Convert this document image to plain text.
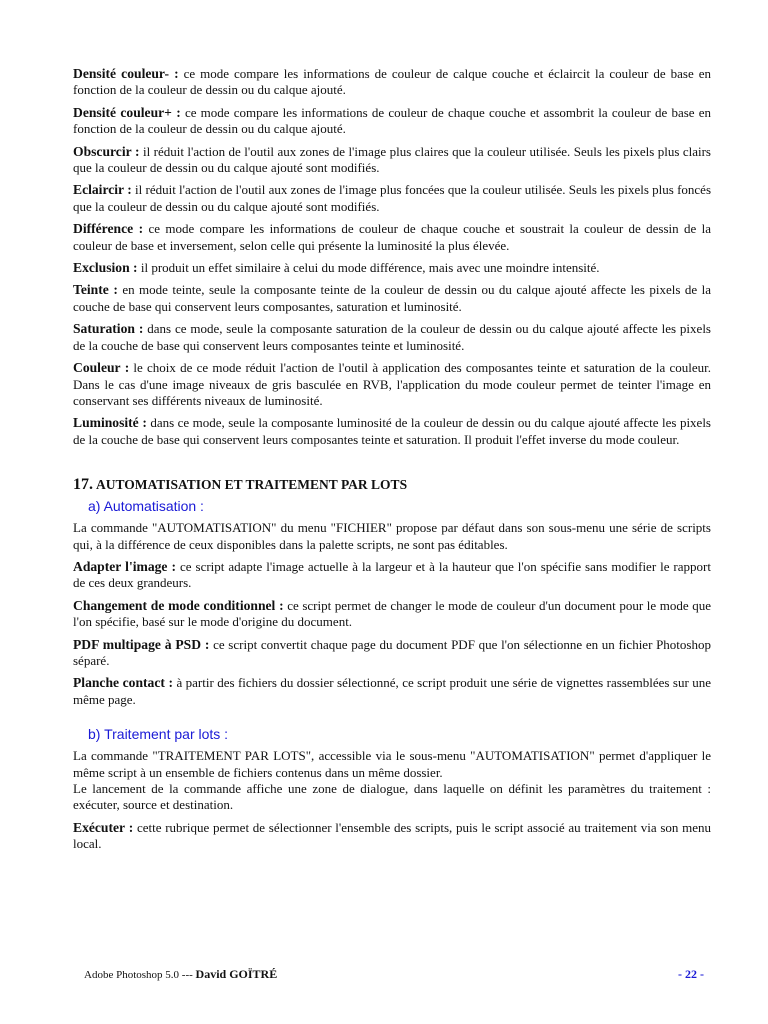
Densité couleur- : ce mode compare les informations de couleur de calque couche et éclaircit la couleur de base en fonction de la couleur de dessin ou du calque ajouté.

Densité couleur+ : ce mode compare les informations de couleur de chaque couche et assombrit la couleur de base en fonction de la couleur de dessin ou du calque ajouté.

Obscurcir : il réduit l'action de l'outil aux zones de l'image plus claires que la couleur utilisée. Seuls les pixels plus clairs que la couleur de dessin ou du calque ajouté sont modifiés.

Eclaircir : il réduit l'action de l'outil aux zones de l'image plus foncées que la couleur utilisée. Seuls les pixels plus foncés que la couleur de dessin ou du calque ajouté sont modifiés.

Différence : ce mode compare les informations de couleur de chaque couche et soustrait la couleur de dessin de la couleur de base et inversement, selon celle qui présente la luminosité la plus élevée.

Exclusion : il produit un effet similaire à celui du mode différence, mais avec une moindre intensité.

Teinte : en mode teinte, seule la composante teinte de la couleur de dessin ou du calque ajouté affecte les pixels de la couche de base qui conservent leurs composantes, saturation et luminosité.

Saturation : dans ce mode, seule la composante saturation de la couleur de dessin ou du calque ajouté affecte les pixels de la couche de base qui conservent leurs composantes teinte et luminosité.

Couleur : le choix de ce mode réduit l'action de l'outil à application des composantes teinte et saturation de la couleur. Dans le cas d'une image niveaux de gris basculée en RVB, l'application du mode couleur permet de teinter l'image en conservant ses différents niveaux de luminosité.

Luminosité : dans ce mode, seule la composante luminosité de la couleur de dessin ou du calque ajouté affecte les pixels de la couche de base qui conservent leurs composantes teinte et saturation. Il produit l'effet inverse du mode couleur.

17. AUTOMATISATION ET TRAITEMENT PAR LOTS
a) Automatisation :

La commande "AUTOMATISATION" du menu "FICHIER" propose par défaut dans son sous-menu une série de scripts qui, à la différence de ceux disponibles dans la palette scripts, ne sont pas éditables.

Adapter l'image : ce script adapte l'image actuelle à la largeur et à la hauteur que l'on spécifie sans modifier le rapport de ces deux grandeurs.

Changement de mode conditionnel : ce script permet de changer le mode de couleur d'un document pour le mode que l'on spécifie, basé sur le mode d'origine du document.

PDF multipage à PSD : ce script convertit chaque page du document PDF que l'on sélectionne en un fichier Photoshop séparé.

Planche contact : à partir des fichiers du dossier sélectionné, ce script produit une série de vignettes rassemblées sur une même page.

b) Traitement par lots :

La commande "TRAITEMENT PAR LOTS", accessible via le sous-menu "AUTOMATISATION" permet d'appliquer le même script à un ensemble de fichiers contenus dans un même dossier.
Le lancement de la commande affiche une zone de dialogue, dans laquelle on définit les paramètres du traitement : exécuter, source et destination.

Exécuter : cette rubrique permet de sélectionner l'ensemble des scripts, puis le script associé au traitement via son menu local.

Adobe Photoshop 5.0 --- David GOÏTRÉ	- 22 -
